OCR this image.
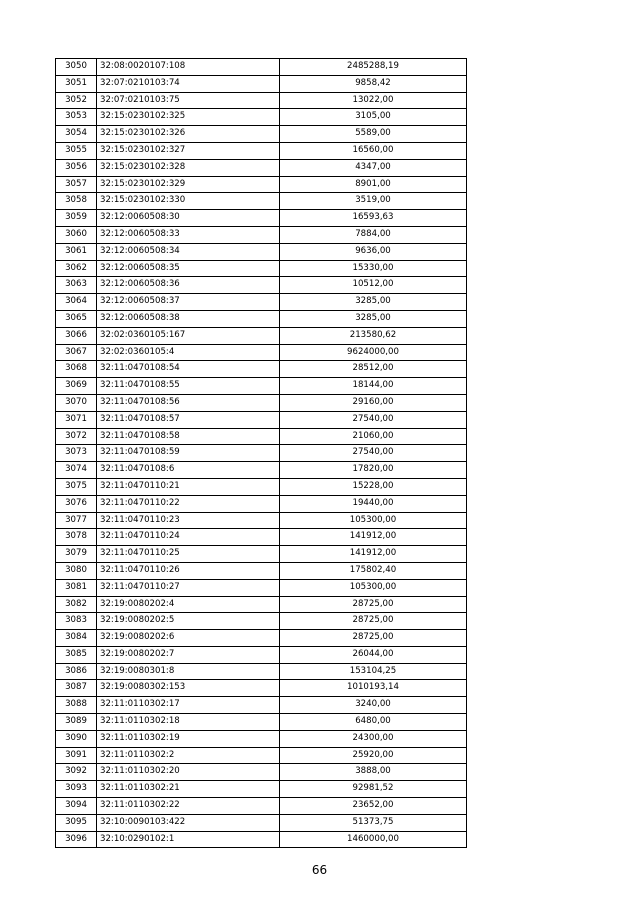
3050	32:08:0020107:108	2485288,19
3051	32:07:0210103:74	9858,42
3052	32:07:0210103:75	13022,00
3053	32:15:0230102:325	3105,00
3054	32:15:0230102:326	5589,00
3055	32:15:0230102:327	16560,00
3056	32:15:0230102:328	4347,00
3057	32:15:0230102:329	8901,00
3058	32:15:0230102:330	3519,00
3059	32:12:0060508:30	16593,63
3060	32:12:0060508:33	7884,00
3061	32:12:0060508:34	9636,00
3062	32:12:0060508:35	15330,00
3063	32:12:0060508:36	10512,00
3064	32:12:0060508:37	3285,00
3065	32:12:0060508:38	3285,00
3066	32:02:0360105:167	213580,62
3067	32:02:0360105:4	9624000,00
3068	32:11:0470108:54	28512,00
3069	32:11:0470108:55	18144,00
3070	32:11:0470108:56	29160,00
3071	32:11:0470108:57	27540,00
3072	32:11:0470108:58	21060,00
3073	32:11:0470108:59	27540,00
3074	32:11:0470108:6	17820,00
3075	32:11:0470110:21	15228,00
3076	32:11:0470110:22	19440,00
3077	32:11:0470110:23	105300,00
3078	32:11:0470110:24	141912,00
3079	32:11:0470110:25	141912,00
3080	32:11:0470110:26	175802,40
3081	32:11:0470110:27	105300,00
3082	32:19:0080202:4	28725,00
3083	32:19:0080202:5	28725,00
3084	32:19:0080202:6	28725,00
3085	32:19:0080202:7	26044,00
3086	32:19:0080301:8	153104,25
3087	32:19:0080302:153	1010193,14
3088	32:11:0110302:17	3240,00
3089	32:11:0110302:18	6480,00
3090	32:11:0110302:19	24300,00
3091	32:11:0110302:2	25920,00
3092	32:11:0110302:20	3888,00
3093	32:11:0110302:21	92981,52
3094	32:11:0110302:22	23652,00
3095	32:10:0090103:422	51373,75
3096	32:10:0290102:1	1460000,00
66
